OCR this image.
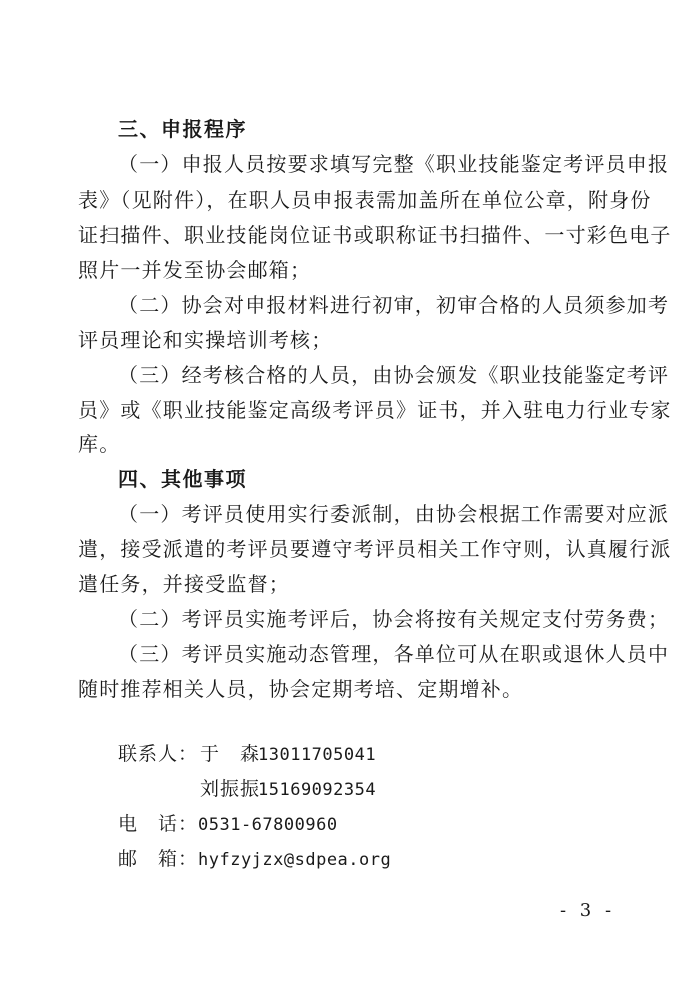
三、申报程序

（一）申报人员按要求填写完整《职业技能鉴定考评员申报

表》（见附件），在职人员申报表需加盖所在单位公章，附身份

证扫描件、职业技能岗位证书或职称证书扫描件、一寸彩色电子

照片一并发至协会邮箱；

（二）协会对申报材料进行初审，初审合格的人员须参加考

评员理论和实操培训考核；

（三）经考核合格的人员，由协会颁发《职业技能鉴定考评

员》或《职业技能鉴定高级考评员》证书，并入驻电力行业专家

库。

四、其他事项

（一）考评员使用实行委派制，由协会根据工作需要对应派

遣，接受派遣的考评员要遵守考评员相关工作守则，认真履行派

遣任务，并接受监督；

（二）考评员实施考评后，协会将按有关规定支付劳务费；

（三）考评员实施动态管理，各单位可从在职或退休人员中

随时推荐相关人员，协会定期考培、定期增补。

联系人： 于　森

13011705041

刘振振

15169092354

电　话： 0531-67800960

邮　箱： hyfzyjzx@sdpea.org

- 3 -
